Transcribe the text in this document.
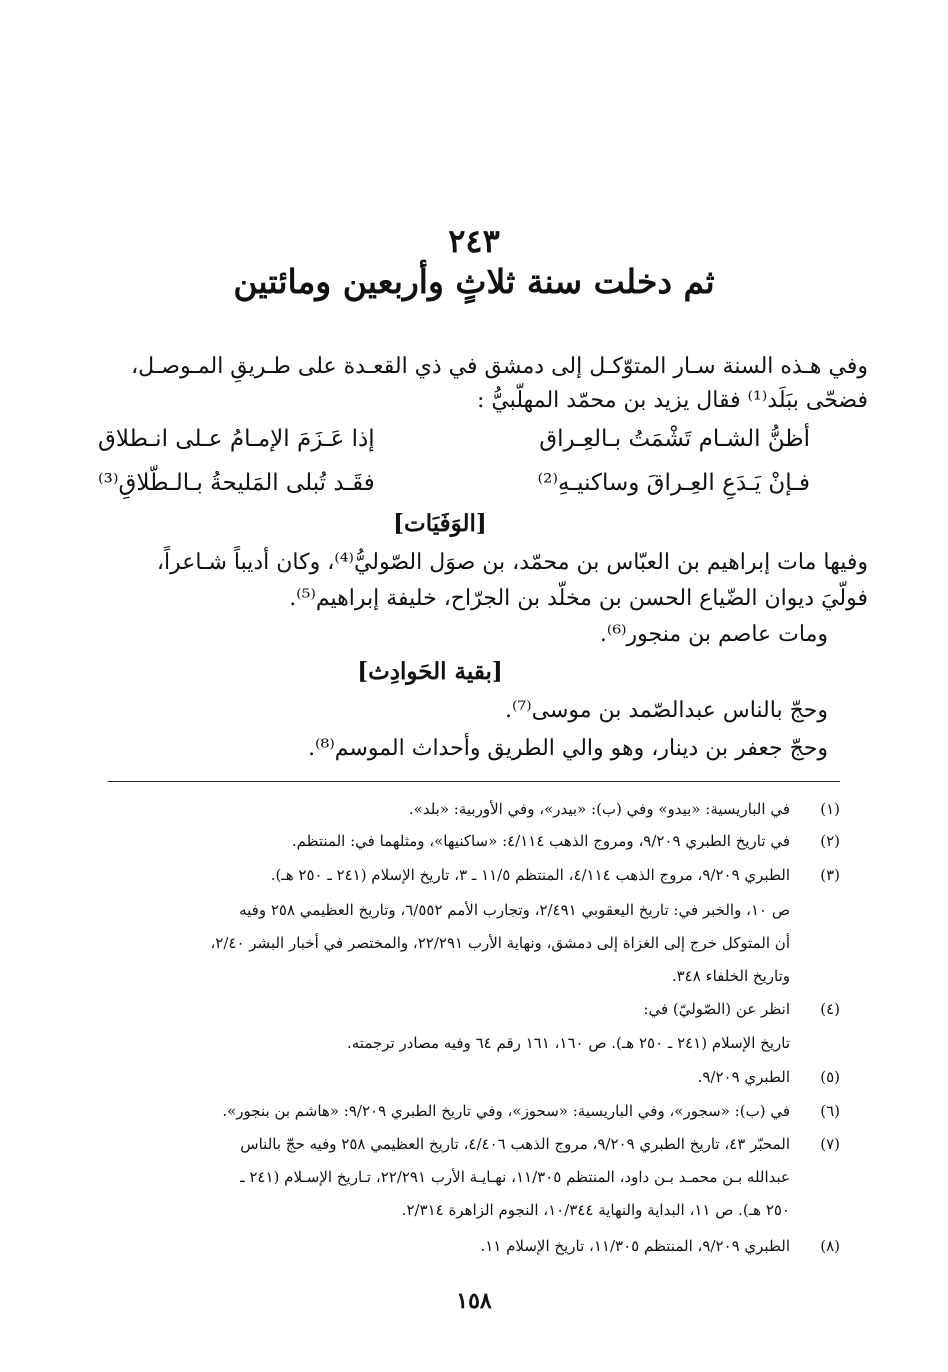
٢٤٣
ثم دخلت سنة ثلاثٍ وأربعين ومائتين
وفي هـذه السنة سـار المتوّكـل إلى دمشق في ذي القعـدة على طـريقِ المـوصـل،
فضحّى ببَلَد⁽¹⁾ فقال يزيد بن محمّد المهلّبيُّ :
أظنُّ الشـام تَشْمَتُ بـالعِـراق
إذا عَـزَمَ الإمـامُ عـلى انـطلاق
فـإنْ يَـدَعِ العِـراقَ وساكنيـهِ⁽²⁾
فقَـد تُبلى المَليحةُ بـالـطّلاقِ⁽³⁾
[الوَفَيَات]
وفيها مات إبراهيم بن العبّاس بن محمّد، بن صوَل الصّوليُّ⁽⁴⁾، وكان أديباً شـاعراً،
فولّيَ ديوان الضّياع الحسن بن مخلّد بن الجرّاح، خليفة إبراهيم⁽⁵⁾.
ومات عاصم بن منجور⁽⁶⁾.
[بقية الحَوادِث]
وحجّ بالناس عبدالصّمد بن موسى⁽⁷⁾.
وحجّ جعفر بن دينار، وهو والي الطريق وأحداث الموسم⁽⁸⁾.
(١)
في الباريسية: «بيدو» وفي (ب): «بيدر»، وفي الأوربية: «بلد».
(٢)
في تاريخ الطبري ٩/٢٠٩، ومروج الذهب ٤/١١٤: «ساكنيها»، ومثلهما في: المنتظم.
(٣)
الطبري ٩/٢٠٩، مروج الذهب ٤/١١٤، المنتظم ١١/٥ ـ ٣، تاريخ الإسلام (٢٤١ ـ ٢٥٠ هـ).
ص ١٠، والخبر في: تاريخ اليعقوبي ٢/٤٩١، وتجارب الأمم ٦/٥٥٢، وتاريخ العظيمي ٢٥٨ وفيه
أن المتوكل خرج إلى الغزاة إلى دمشق، ونهاية الأرب ٢٢/٢٩١، والمختصر في أخبار البشر ٢/٤٠،
وتاريخ الخلفاء ٣٤٨.
(٤)
انظر عن (الصّوليّ) في:
تاريخ الإسلام (٢٤١ ـ ٢٥٠ هـ). ص ١٦٠، ١٦١ رقم ٦٤ وفيه مصادر ترجمته.
(٥)
الطبري ٩/٢٠٩.
(٦)
في (ب): «سجور»، وفي الباريسية: «سحوز»، وفي تاريخ الطبري ٩/٢٠٩: «هاشم بن بنجور».
(٧)
المحبّر ٤٣، تاريخ الطبري ٩/٢٠٩، مروج الذهب ٤/٤٠٦، تاريخ العظيمي ٢٥٨ وفيه حجّ بالناس
عبدالله بـن محمـد بـن داود، المنتظم ١١/٣٠٥، نهـايـة الأرب ٢٢/٢٩١، تـاريخ الإسـلام (٢٤١ ـ
٢٥٠ هـ). ص ١١، البداية والنهاية ١٠/٣٤٤، النجوم الزاهرة ٢/٣١٤.
(٨)
الطبري ٩/٢٠٩، المنتظم ١١/٣٠٥، تاريخ الإسلام ١١.
١٥٨
